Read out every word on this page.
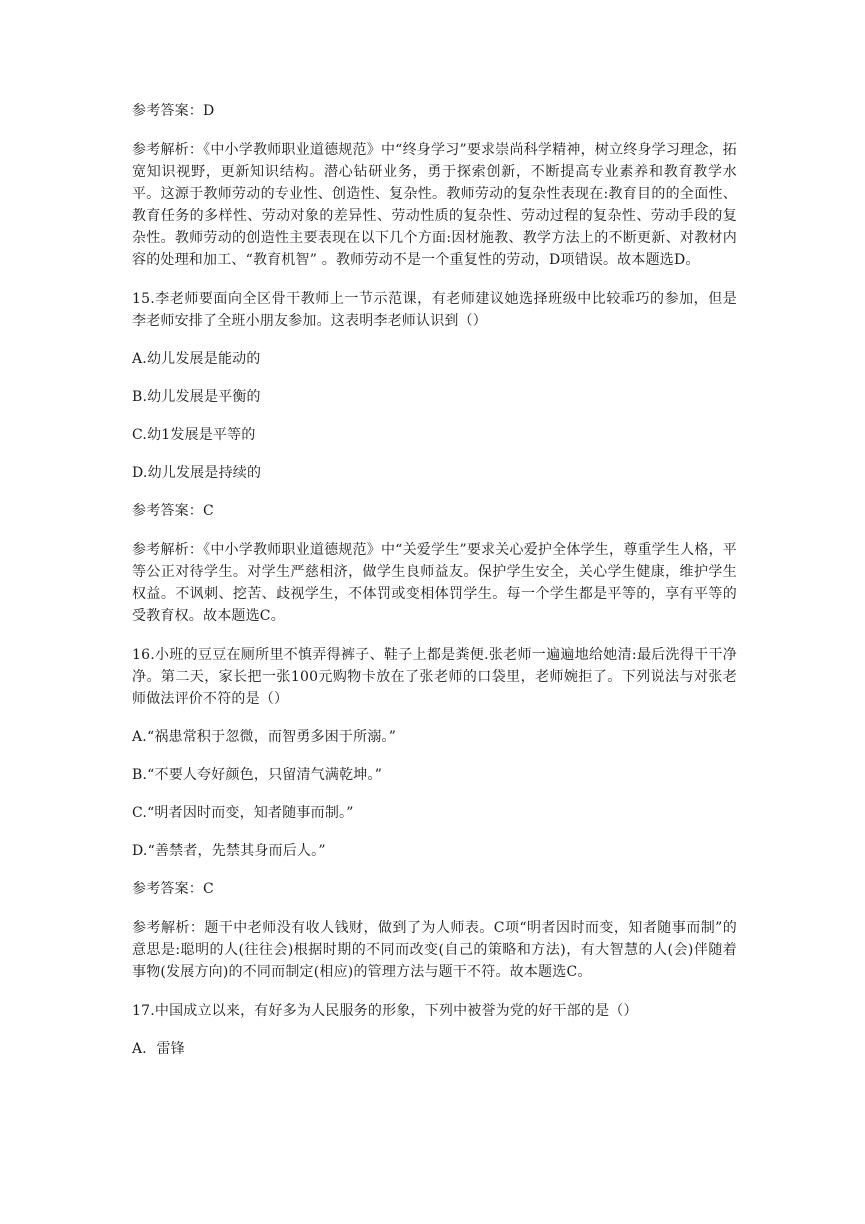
参考答案：D

参考解析：《中小学教师职业道德规范》中“终身学习”要求崇尚科学精神，树立终身学习理念，拓宽知识视野，更新知识结构。潜心钻研业务，勇于探索创新，不断提高专业素养和教育教学水平。这源于教师劳动的专业性、创造性、复杂性。教师劳动的复杂性表现在:教育目的的全面性、教育任务的多样性、劳动对象的差异性、劳动性质的复杂性、劳动过程的复杂性、劳动手段的复杂性。教师劳动的创造性主要表现在以下几个方面:因材施教、教学方法上的不断更新、对教材内容的处理和加工、“教育机智” 。教师劳动不是一个重复性的劳动，D项错误。故本题选D。

15.李老师要面向全区骨干教师上一节示范课，有老师建议她选择班级中比较乖巧的参加，但是李老师安排了全班小朋友参加。这表明李老师认识到（）

A.幼儿发展是能动的

B.幼儿发展是平衡的

C.幼1发展是平等的

D.幼儿发展是持续的

参考答案：C

参考解析：《中小学教师职业道德规范》中“关爱学生”要求关心爱护全体学生，尊重学生人格，平等公正对待学生。对学生严慈相济，做学生良师益友。保护学生安全，关心学生健康，维护学生权益。不讽刺、挖苦、歧视学生，不体罚或变相体罚学生。每一个学生都是平等的，享有平等的受教育权。故本题选C。

16.小班的豆豆在厕所里不慎弄得裤子、鞋子上都是粪便.张老师一遍遍地给她清:最后洗得干干净净。第二天，家长把一张100元购物卡放在了张老师的口袋里，老师婉拒了。下列说法与对张老师做法评价不符的是（）

A.“祸患常积于忽微，而智勇多困于所溺。”

B.“不要人夸好颜色，只留清气满乾坤。”

C.“明者因时而变，知者随事而制。”

D.“善禁者，先禁其身而后人。”

参考答案：C

参考解析：题干中老师没有收人钱财，做到了为人师表。C项“明者因时而变，知者随事而制”的意思是:聪明的人(往往会)根据时期的不同而改变(自己的策略和方法)，有大智慧的人(会)伴随着事物(发展方向)的不同而制定(相应)的管理方法与题干不符。故本题选C。

17.中国成立以来，有好多为人民服务的形象，下列中被誉为党的好干部的是（）

A．雷锋
